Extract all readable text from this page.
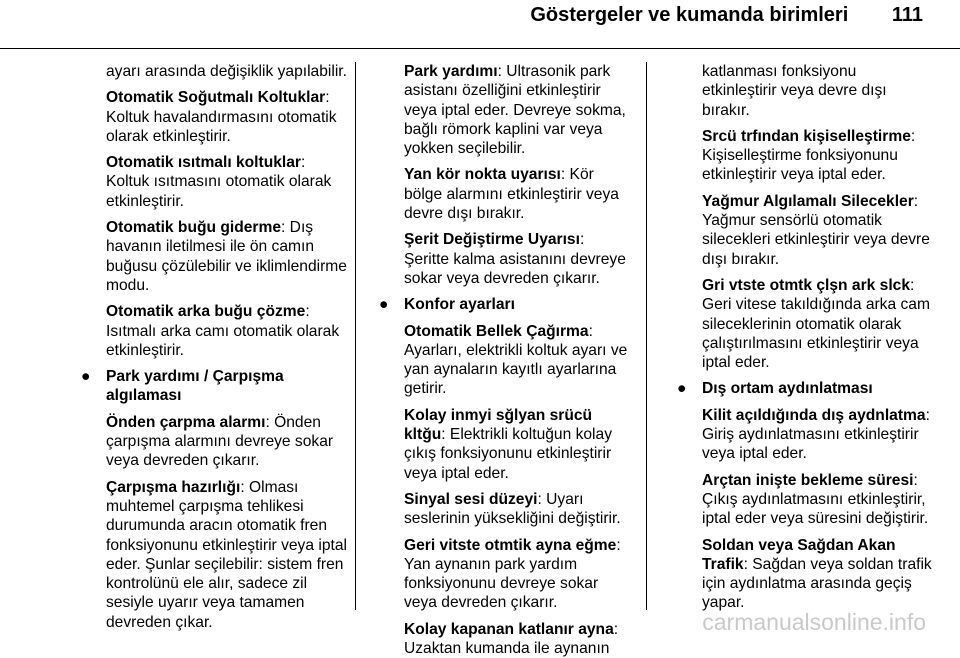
Göstergeler ve kumanda birimleri 111

ayarı arasında değişiklik yapılabilir.

Otomatik Soğutmalı Koltuklar: Koltuk havalandırmasını otomatik olarak etkinleştirir.

Otomatik ısıtmalı koltuklar: Koltuk ısıtmasını otomatik olarak etkinleştirir.

Otomatik buğu giderme: Dış havanın iletilmesi ile ön camın buğusu çözülebilir ve iklimlendirme modu.

Otomatik arka buğu çözme: Isıtmalı arka camı otomatik olarak etkinleştirir.

● Park yardımı / Çarpışma algılaması

Önden çarpma alarmı: Önden çarpışma alarmını devreye sokar veya devreden çıkarır.

Çarpışma hazırlığı: Olması muhtemel çarpışma tehlikesi durumunda aracın otomatik fren fonksiyonunu etkinleştirir veya iptal eder. Şunlar seçilebilir: sistem fren kontrolünü ele alır, sadece zil sesiyle uyarır veya tamamen devreden çıkar.

Park yardımı: Ultrasonik park asistanı özelliğini etkinleştirir veya iptal eder. Devreye sokma, bağlı römork kaplini var veya yokken seçilebilir.

Yan kör nokta uyarısı: Kör bölge alarmını etkinleştirir veya devre dışı bırakır.

Şerit Değiştirme Uyarısı: Şeritte kalma asistanını devreye sokar veya devreden çıkarır.

● Konfor ayarları

Otomatik Bellek Çağırma: Ayarları, elektrikli koltuk ayarı ve yan aynaların kayıtlı ayarlarına getirir.

Kolay inmyi sğlyan srücü kltğu: Elektrikli koltuğun kolay çıkış fonksiyonunu etkinleştirir veya iptal eder.

Sinyal sesi düzeyi: Uyarı seslerinin yüksekliğini değiştirir.

Geri vitste otmtik ayna eğme: Yan aynanın park yardım fonksiyonunu devreye sokar veya devreden çıkarır.

Kolay kapanan katlanır ayna: Uzaktan kumanda ile aynanın

katlanması fonksiyonu etkinleştirir veya devre dışı bırakır.

Srcü trfından kişiselleştirme: Kişiselleştirme fonksiyonunu etkinleştirir veya iptal eder.

Yağmur Algılamalı Silecekler: Yağmur sensörlü otomatik silecekleri etkinleştirir veya devre dışı bırakır.

Gri vtste otmtk çlşn ark slck: Geri vitese takıldığında arka cam sileceklerinin otomatik olarak çalıştırılmasını etkinleştirir veya iptal eder.

● Dış ortam aydınlatması

Kilit açıldığında dış aydnlatma: Giriş aydınlatmasını etkinleştirir veya iptal eder.

Arçtan inişte bekleme süresi: Çıkış aydınlatmasını etkinleştirir, iptal eder veya süresini değiştirir.

Soldan veya Sağdan Akan Trafik: Sağdan veya soldan trafik için aydınlatma arasında geçiş yapar.

carmanualsonline.info
